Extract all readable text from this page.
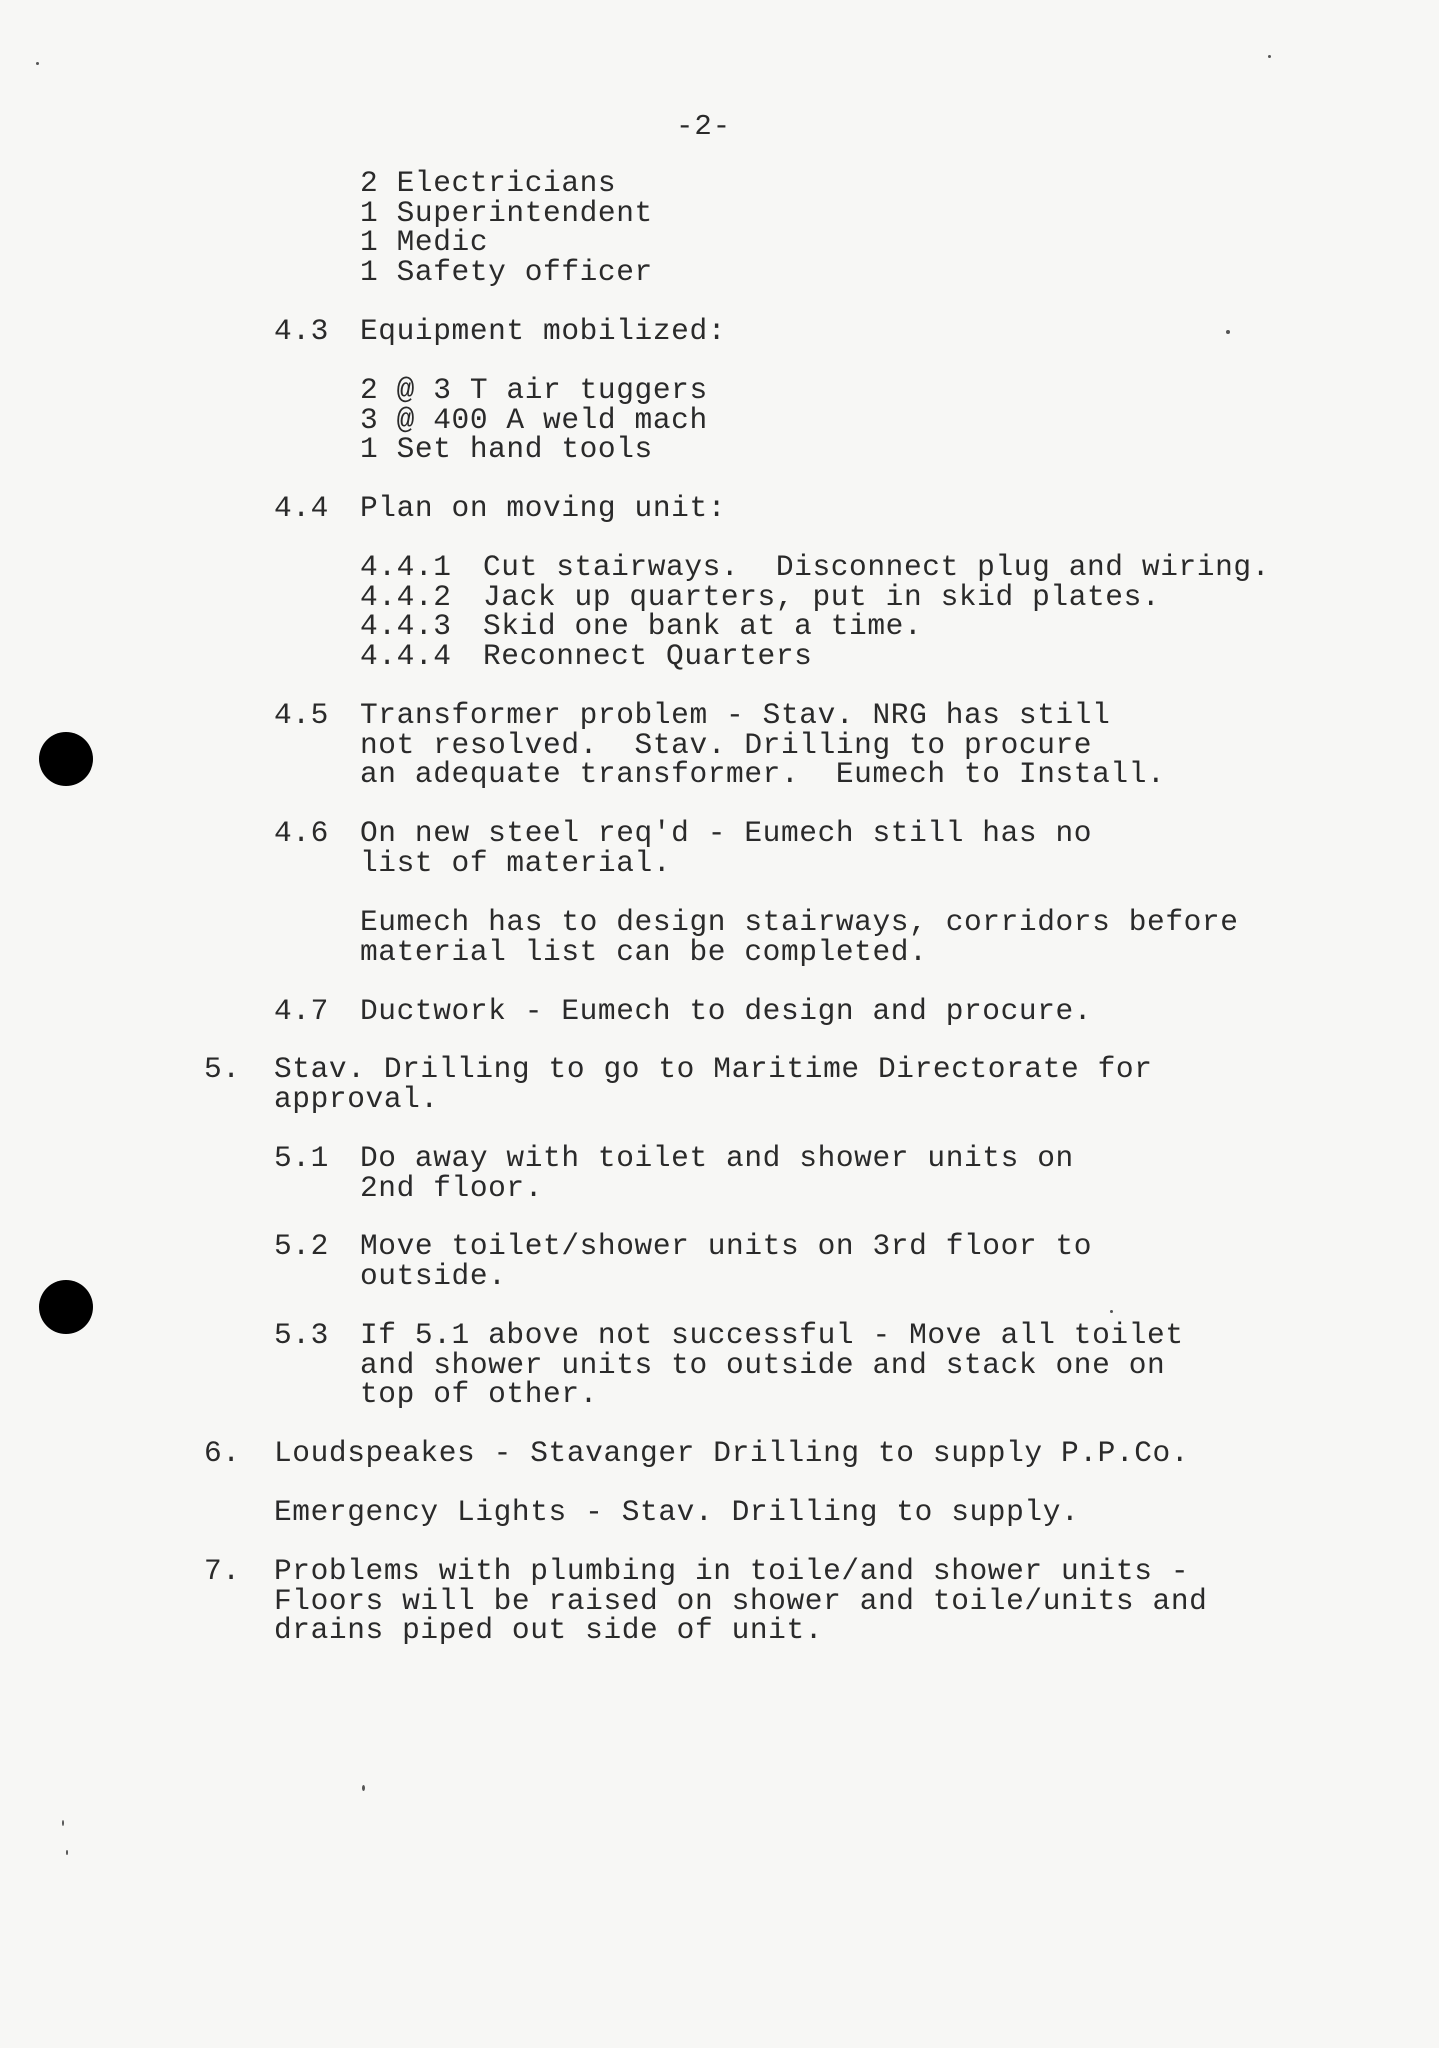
-2-
2 Electricians
1 Superintendent
1 Medic
1 Safety officer
4.3 Equipment mobilized:
2 @ 3 T air tuggers
3 @ 400 A weld mach
1 Set hand tools
4.4 Plan on moving unit:
4.4.1 Cut stairways.  Disconnect plug and wiring.
4.4.2 Jack up quarters, put in skid plates.
4.4.3 Skid one bank at a time.
4.4.4 Reconnect Quarters
4.5 Transformer problem - Stav. NRG has still
not resolved.  Stav. Drilling to procure
an adequate transformer.  Eumech to Install.
4.6 On new steel req'd - Eumech still has no
list of material.
Eumech has to design stairways, corridors before
material list can be completed.
4.7 Ductwork - Eumech to design and procure.
5. Stav. Drilling to go to Maritime Directorate for
approval.
5.1 Do away with toilet and shower units on
2nd floor.
5.2 Move toilet/shower units on 3rd floor to
outside.
5.3 If 5.1 above not successful - Move all toilet
and shower units to outside and stack one on
top of other.
6. Loudspeakes - Stavanger Drilling to supply P.P.Co.
Emergency Lights - Stav. Drilling to supply.
7. Problems with plumbing in toile/and shower units -
Floors will be raised on shower and toile/units and
drains piped out side of unit.
